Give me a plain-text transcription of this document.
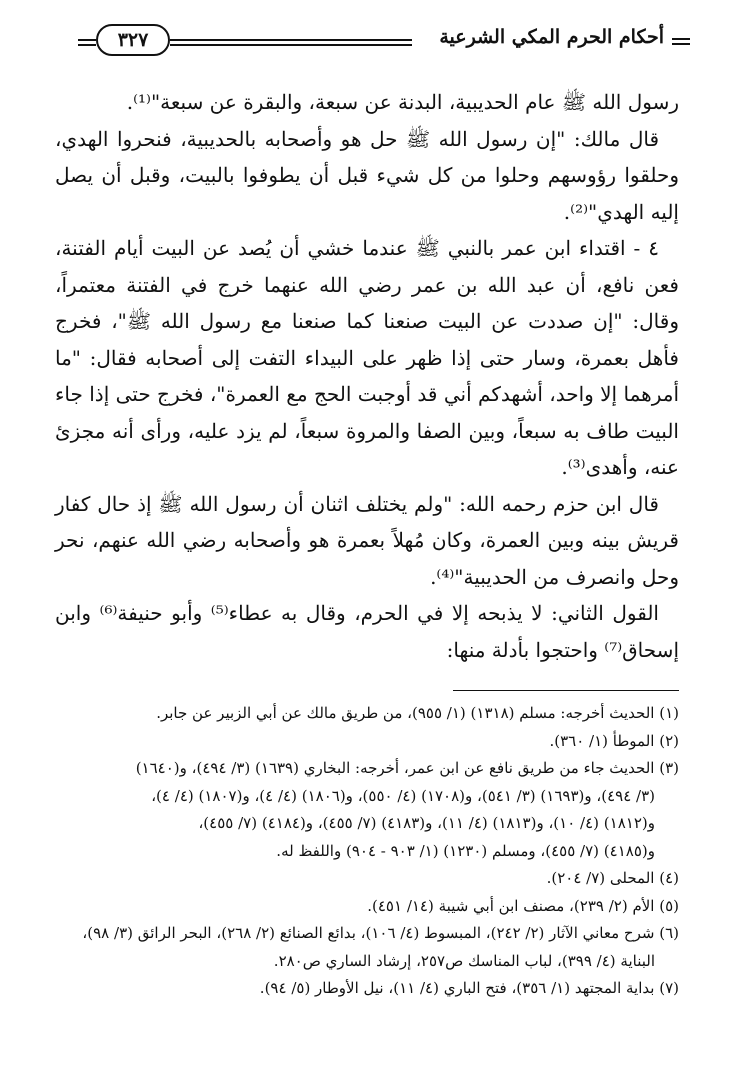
أحكام الحرم المكي الشرعية
٣٢٧

رسول الله ﷺ عام الحديبية، البدنة عن سبعة، والبقرة عن سبعة"⁽¹⁾.

قال مالك: "إن رسول الله ﷺ حل هو وأصحابه بالحديبية، فنحروا الهدي، وحلقوا رؤوسهم وحلوا من كل شيء قبل أن يطوفوا بالبيت، وقبل أن يصل إليه الهدي"⁽²⁾.

٤ - اقتداء ابن عمر بالنبي ﷺ عندما خشي أن يُصد عن البيت أيام الفتنة، فعن نافع، أن عبد الله بن عمر رضي الله عنهما خرج في الفتنة معتمراً، وقال: "إن صددت عن البيت صنعنا كما صنعنا مع رسول الله ﷺ"، فخرج فأهل بعمرة، وسار حتى إذا ظهر على البيداء التفت إلى أصحابه فقال: "ما أمرهما إلا واحد، أشهدكم أني قد أوجبت الحج مع العمرة"، فخرج حتى إذا جاء البيت طاف به سبعاً، وبين الصفا والمروة سبعاً، لم يزد عليه، ورأى أنه مجزئ عنه، وأهدى⁽³⁾.

قال ابن حزم رحمه الله: "ولم يختلف اثنان أن رسول الله ﷺ إذ حال كفار قريش بينه وبين العمرة، وكان مُهلاً بعمرة هو وأصحابه رضي الله عنهم، نحر وحل وانصرف من الحديبية"⁽⁴⁾.

القول الثاني: لا يذبحه إلا في الحرم، وقال به عطاء⁽⁵⁾ وأبو حنيفة⁽⁶⁾ وابن إسحاق⁽⁷⁾ واحتجوا بأدلة منها:

(١) الحديث أخرجه: مسلم (١٣١٨) (١/ ٩٥٥)، من طريق مالك عن أبي الزبير عن جابر.

(٢) الموطأ (١/ ٣٦٠).

(٣) الحديث جاء من طريق نافع عن ابن عمر، أخرجه: البخاري (١٦٣٩) (٣/ ٤٩٤)، و(١٦٤٠)

(٣/ ٤٩٤)، و(١٦٩٣) (٣/ ٥٤١)، و(١٧٠٨) (٤/ ٥٥٠)، و(١٨٠٦) (٤/ ٤)، و(١٨٠٧) (٤/ ٤)،

و(١٨١٢) (٤/ ١٠)، و(١٨١٣) (٤/ ١١)، و(٤١٨٣) (٧/ ٤٥٥)، و(٤١٨٤) (٧/ ٤٥٥)،

و(٤١٨٥) (٧/ ٤٥٥)، ومسلم (١٢٣٠) (١/ ٩٠٣ - ٩٠٤) واللفظ له.

(٤) المحلى (٧/ ٢٠٤).

(٥) الأم (٢/ ٢٣٩)، مصنف ابن أبي شيبة (١٤/ ٤٥١).

(٦) شرح معاني الآثار (٢/ ٢٤٢)، المبسوط (٤/ ١٠٦)، بدائع الصنائع (٢/ ٢٦٨)، البحر الرائق (٣/ ٩٨)،

البناية (٤/ ٣٩٩)، لباب المناسك ص٢٥٧، إرشاد الساري ص٢٨٠.

(٧) بداية المجتهد (١/ ٣٥٦)، فتح الباري (٤/ ١١)، نيل الأوطار (٥/ ٩٤).
